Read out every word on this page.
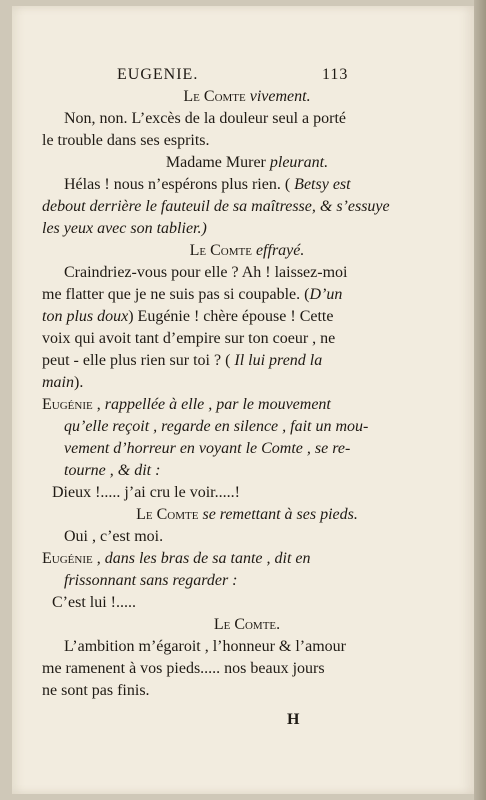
EUGENIE.	113
Le Comte vivement.
Non, non. L’excès de la douleur seul a porté
le trouble dans ses esprits.
Madame Murer pleurant.
Hélas ! nous n’espérons plus rien. ( Betsy est
debout derrière le fauteuil de sa maîtresse, & s’essuye
les yeux avec son tablier.)
Le Comte effrayé.
Craindriez-vous pour elle ? Ah ! laissez-moi
me flatter que je ne suis pas si coupable. (D’un
ton plus doux) Eugénie ! chère épouse ! Cette
voix qui avoit tant d’empire sur ton coeur , ne
peut - elle plus rien sur toi ? ( Il lui prend la
main).
Eugénie , rappellée à elle , par le mouvement
qu’elle reçoit , regarde en silence , fait un mou-
vement d’horreur en voyant le Comte , se re-
tourne , & dit :
Dieux !..... j’ai cru le voir.....!
Le Comte se remettant à ses pieds.
Oui , c’est moi.
Eugénie , dans les bras de sa tante , dit en
frissonnant sans regarder :
C’est lui !.....
Le Comte.
L’ambition m’égaroit , l’honneur & l’amour
me ramenent à vos pieds..... nos beaux jours
ne sont pas finis.
H
